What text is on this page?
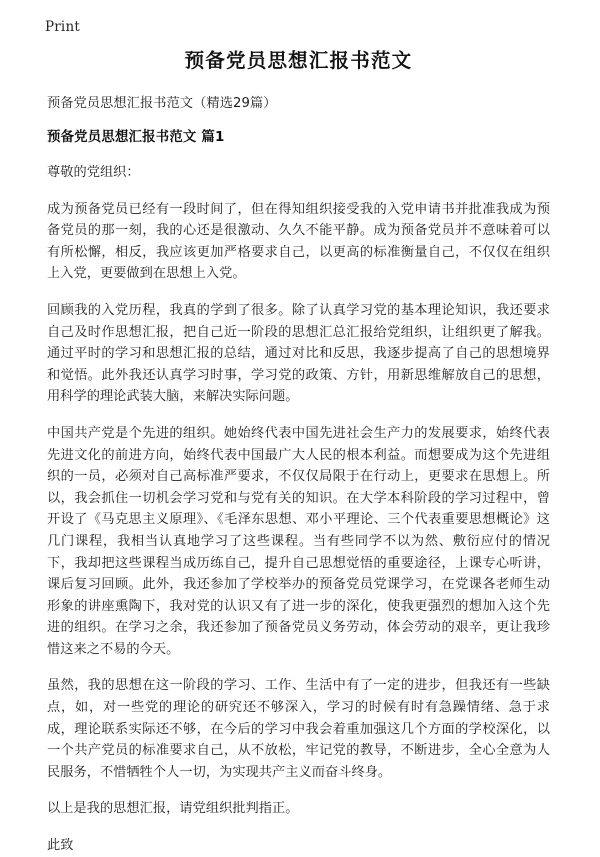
Print
预备党员思想汇报书范文

预备党员思想汇报书范文（精选29篇）

预备党员思想汇报书范文 篇1

尊敬的党组织：

成为预备党员已经有一段时间了，但在得知组织接受我的入党申请书并批准我成为预备党员的那一刻，我的心还是很激动、久久不能平静。成为预备党员并不意味着可以有所松懈，相反，我应该更加严格要求自己，以更高的标准衡量自己，不仅仅在组织上入党，更要做到在思想上入党。

回顾我的入党历程，我真的学到了很多。除了认真学习党的基本理论知识，我还要求自己及时作思想汇报，把自己近一阶段的思想汇总汇报给党组织，让组织更了解我。通过平时的学习和思想汇报的总结，通过对比和反思，我逐步提高了自己的思想境界和觉悟。此外我还认真学习时事，学习党的政策、方针，用新思维解放自己的思想，用科学的理论武装大脑，来解决实际问题。

中国共产党是个先进的组织。她始终代表中国先进社会生产力的发展要求，始终代表先进文化的前进方向，始终代表中国最广大人民的根本利益。而想要成为这个先进组织的一员，必须对自己高标准严要求，不仅仅局限于在行动上，更要求在思想上。所以，我会抓住一切机会学习党和与党有关的知识。在大学本科阶段的学习过程中，曾开设了《马克思主义原理》、《毛泽东思想、邓小平理论、三个代表重要思想概论》这几门课程，我相当认真地学习了这些课程。当有些同学不以为然、敷衍应付的情况下，我却把这些课程当成历练自己，提升自己思想觉悟的重要途径，上课专心听讲，课后复习回顾。此外，我还参加了学校举办的预备党员党课学习，在党课各老师生动形象的讲座熏陶下，我对党的认识又有了进一步的深化，使我更强烈的想加入这个先进的组织。在学习之余，我还参加了预备党员义务劳动，体会劳动的艰辛，更让我珍惜这来之不易的今天。

虽然，我的思想在这一阶段的学习、工作、生活中有了一定的进步，但我还有一些缺点，如，对一些党的理论的研究还不够深入，学习的时候有时有急躁情绪、急于求成，理论联系实际还不够，在今后的学习中我会着重加强这几个方面的学校深化，以一个共产党员的标准要求自己，从不放松，牢记党的教导，不断进步，全心全意为人民服务，不惜牺牲个人一切，为实现共产主义而奋斗终身。

以上是我的思想汇报，请党组织批判指正。

此致
